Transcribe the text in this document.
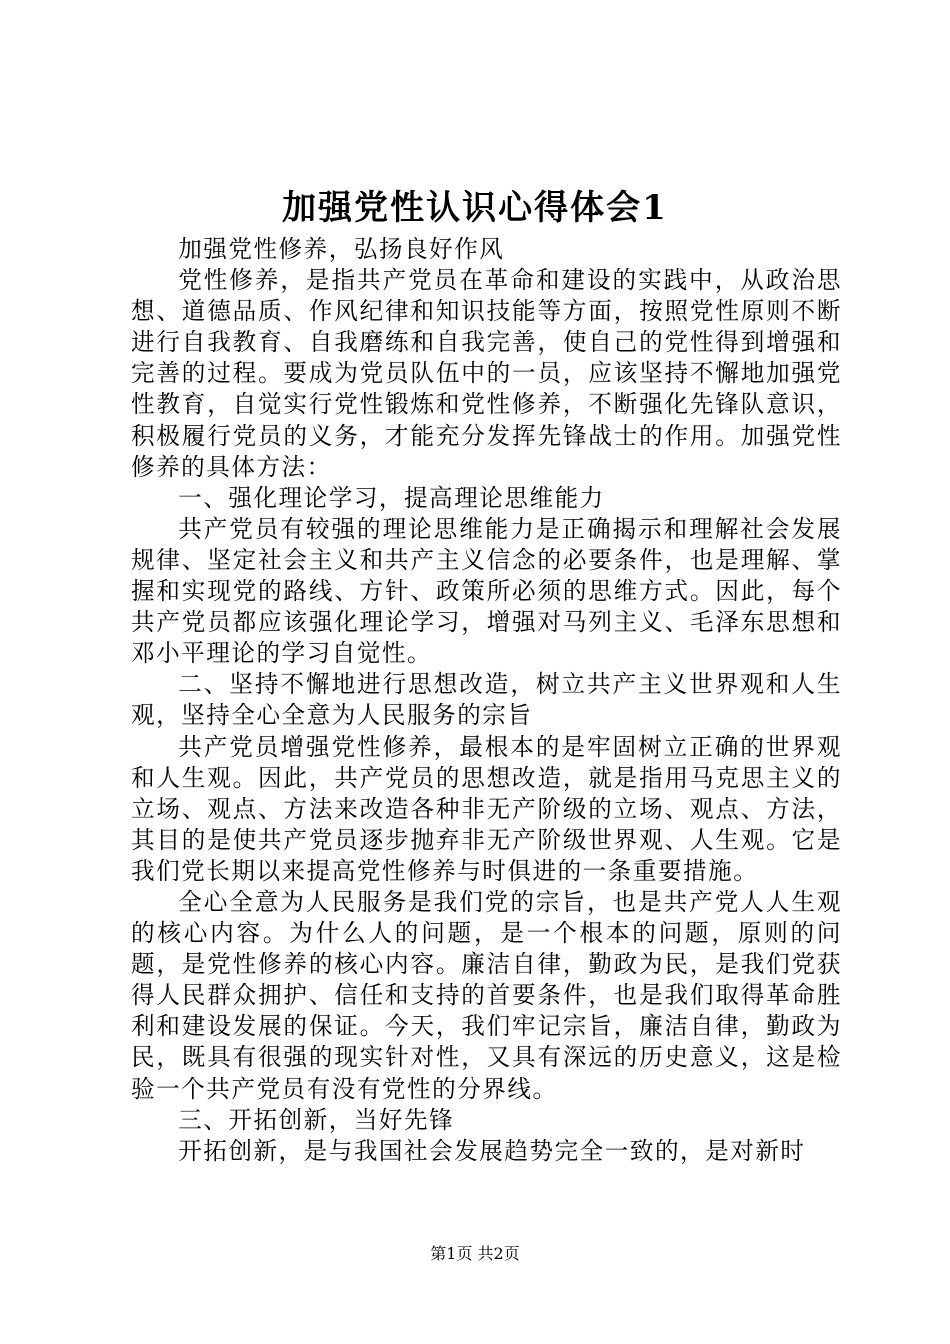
加强党性认识心得体会1

加强党性修养，弘扬良好作风

党性修养，是指共产党员在革命和建设的实践中，从政治思想、道德品质、作风纪律和知识技能等方面，按照党性原则不断进行自我教育、自我磨练和自我完善，使自己的党性得到增强和完善的过程。要成为党员队伍中的一员，应该坚持不懈地加强党性教育，自觉实行党性锻炼和党性修养，不断强化先锋队意识，积极履行党员的义务，才能充分发挥先锋战士的作用。加强党性修养的具体方法：

一、强化理论学习，提高理论思维能力

共产党员有较强的理论思维能力是正确揭示和理解社会发展规律、坚定社会主义和共产主义信念的必要条件，也是理解、掌握和实现党的路线、方针、政策所必须的思维方式。因此，每个共产党员都应该强化理论学习，增强对马列主义、毛泽东思想和邓小平理论的学习自觉性。

二、坚持不懈地进行思想改造，树立共产主义世界观和人生观，坚持全心全意为人民服务的宗旨

共产党员增强党性修养，最根本的是牢固树立正确的世界观和人生观。因此，共产党员的思想改造，就是指用马克思主义的立场、观点、方法来改造各种非无产阶级的立场、观点、方法，其目的是使共产党员逐步抛弃非无产阶级世界观、人生观。它是我们党长期以来提高党性修养与时俱进的一条重要措施。

全心全意为人民服务是我们党的宗旨，也是共产党人人生观的核心内容。为什么人的问题，是一个根本的问题，原则的问题，是党性修养的核心内容。廉洁自律，勤政为民，是我们党获得人民群众拥护、信任和支持的首要条件，也是我们取得革命胜利和建设发展的保证。今天，我们牢记宗旨，廉洁自律，勤政为民，既具有很强的现实针对性，又具有深远的历史意义，这是检验一个共产党员有没有党性的分界线。

三、开拓创新，当好先锋

开拓创新，是与我国社会发展趋势完全一致的，是对新时

第1页 共2页
